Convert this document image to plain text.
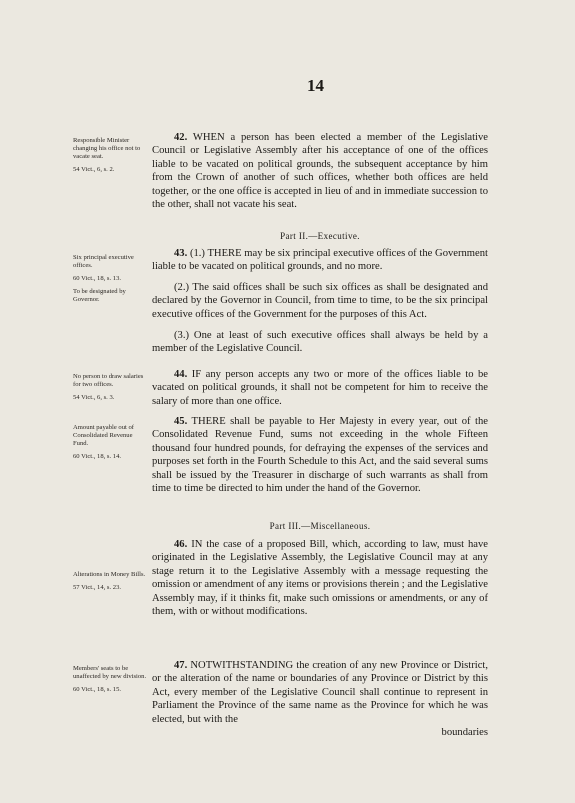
14
Responsible Minister changing his office not to vacate seat.
54 Vict., 6, s. 2.
42. WHEN a person has been elected a member of the Legislative Council or Legislative Assembly after his acceptance of one of the offices liable to be vacated on political grounds, the subsequent acceptance by him from the Crown of another of such offices, whether both offices are held together, or the one office is accepted in lieu of and in immediate succession to the other, shall not vacate his seat.
Part II.—Executive.
Six principal executive offices.
60 Vict., 18, s. 13.
To be designated by Governor.
43. (1.) THERE may be six principal executive offices of the Government liable to be vacated on political grounds, and no more.
(2.) The said offices shall be such six offices as shall be designated and declared by the Governor in Council, from time to time, to be the six principal executive offices of the Government for the purposes of this Act.
(3.) One at least of such executive offices shall always be held by a member of the Legislative Council.
No person to draw salaries for two offices.
54 Vict., 6, s. 3.
44. IF any person accepts any two or more of the offices liable to be vacated on political grounds, it shall not be competent for him to receive the salary of more than one office.
Amount payable out of Consolidated Revenue Fund.
60 Vict., 18, s. 14.
45. THERE shall be payable to Her Majesty in every year, out of the Consolidated Revenue Fund, sums not exceeding in the whole Fifteen thousand four hundred pounds, for defraying the expenses of the services and purposes set forth in the Fourth Schedule to this Act, and the said several sums shall be issued by the Treasurer in discharge of such warrants as shall from time to time be directed to him under the hand of the Governor.
Part III.—Miscellaneous.
Alterations in Money Bills.
57 Vict., 14, s. 23.
46. IN the case of a proposed Bill, which, according to law, must have originated in the Legislative Assembly, the Legislative Council may at any stage return it to the Legislative Assembly with a message requesting the omission or amendment of any items or provisions therein ; and the Legislative Assembly may, if it thinks fit, make such omissions or amendments, or any of them, with or without modifications.
Members' seats to be unaffected by new division.
60 Vict., 18, s. 15.
47. NOTWITHSTANDING the creation of any new Province or District, or the alteration of the name or boundaries of any Province or District by this Act, every member of the Legislative Council shall continue to represent in Parliament the Province of the same name as the Province for which he was elected, but with the
boundaries
